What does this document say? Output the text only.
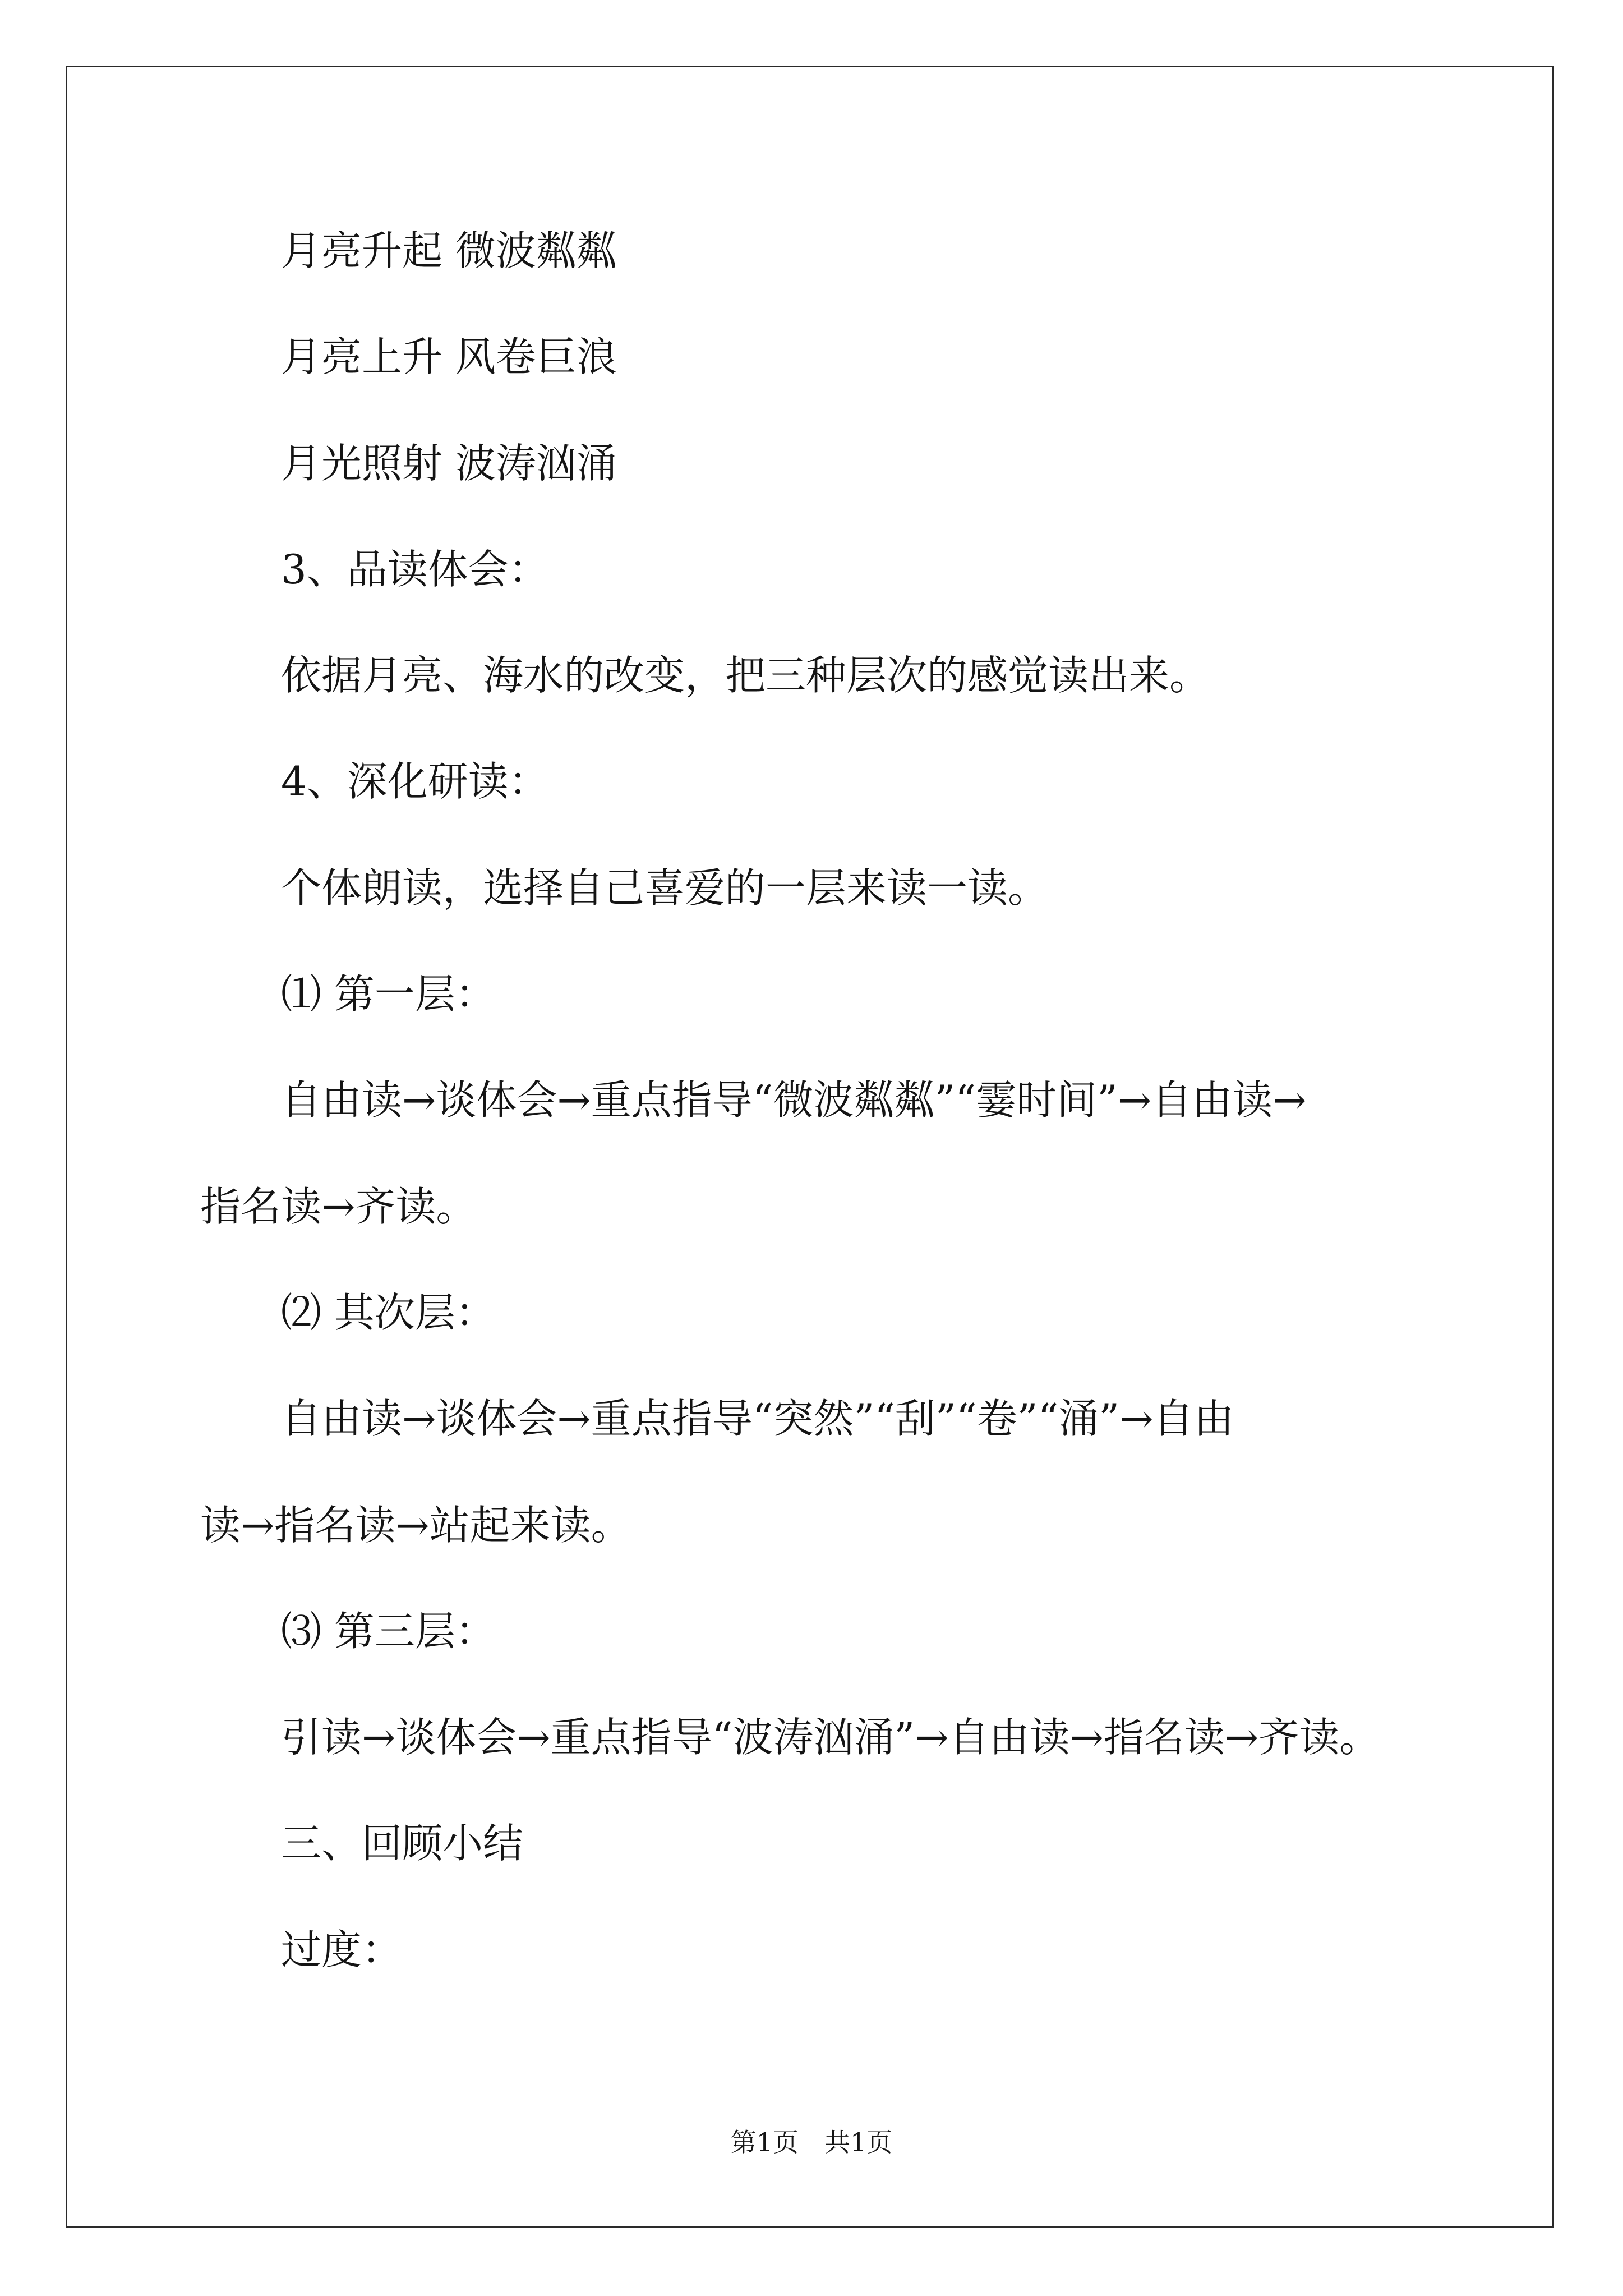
月亮升起 微波粼粼
月亮上升 风卷巨浪
月光照射 波涛汹涌
3、品读体会：
依据月亮、海水的改变，把三种层次的感觉读出来。
4、深化研读：
个体朗读，选择自己喜爱的一层来读一读。
⑴ 第一层：
自由读→谈体会→重点指导“微波粼粼”“霎时间”→自由读→
指名读→齐读。
⑵ 其次层：
自由读→谈体会→重点指导“突然”“刮”“卷”“涌”→自由
读→指名读→站起来读。
⑶ 第三层：
引读→谈体会→重点指导“波涛汹涌”→自由读→指名读→齐读。
三、回顾小结
过度：
第1页　共1页
